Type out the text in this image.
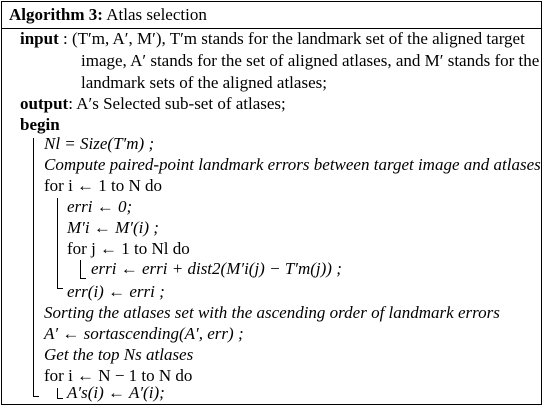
Algorithm 3: Atlas selection
input : (T′m, A′, M′), T′m stands for the landmark set of the aligned target
image, A′ stands for the set of aligned atlases, and M′ stands for the
landmark sets of the aligned atlases;
output: A′s Selected sub-set of atlases;
begin
Nl = Size(T′m) ;
Compute paired-point landmark errors between target image and atlases
for i ← 1 to N do
erri ← 0;
M′i ← M′(i) ;
for j ← 1 to Nl do
erri ← erri + dist2(M′i(j) − T′m(j)) ;
err(i) ← erri ;
Sorting the atlases set with the ascending order of landmark errors
A′ ← sortascending(A′, err) ;
Get the top Ns atlases
for i ← N − 1 to N do
A′s(i) ← A′(i);
